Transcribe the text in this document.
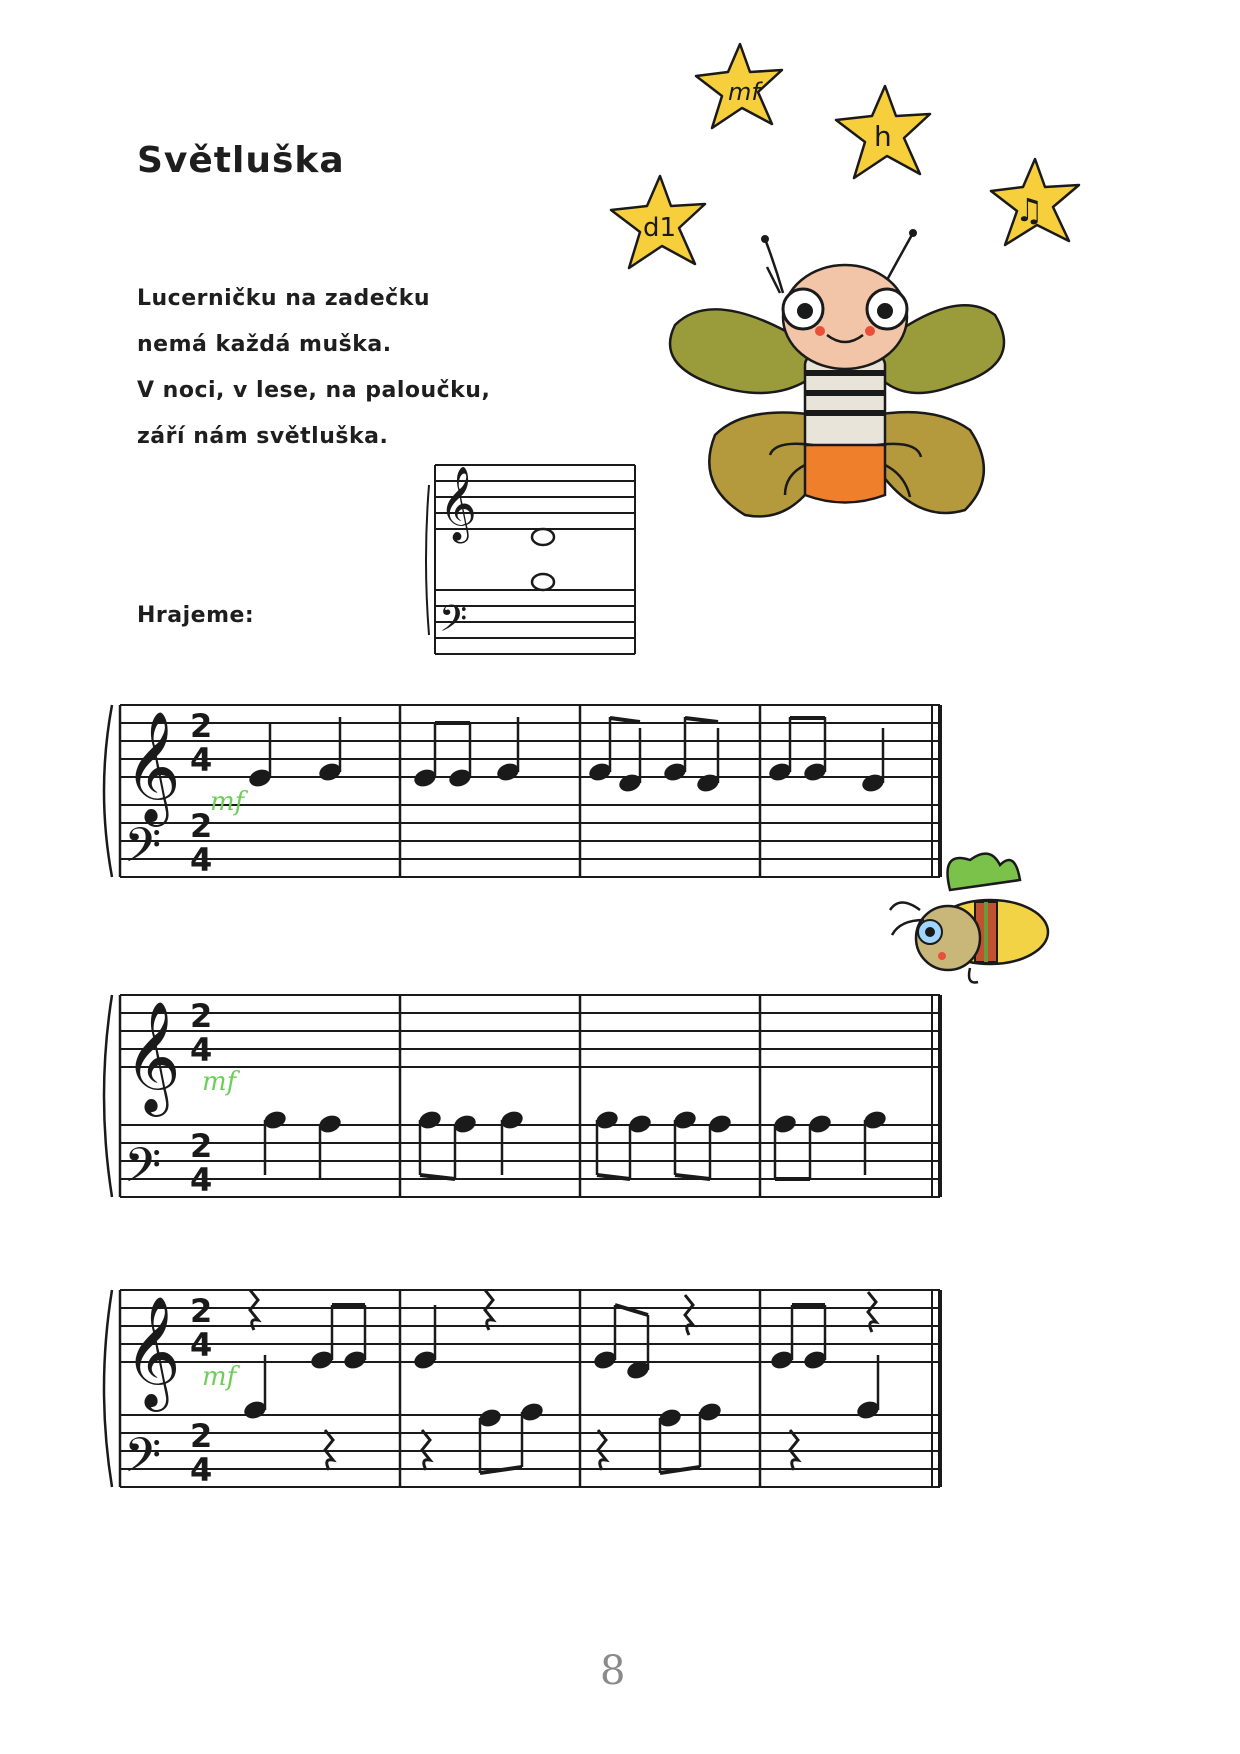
Světluška
Lucerničku na zadečku
nemá každá muška.
V noci, v lese, na paloučku,
září nám světluška.
Hrajeme:
mf
h
d1	♫
𝄞
𝄢
𝄞
𝄢
2
4
2
4
mf
𝄞
𝄢
2
4
2
4
mf
𝄞
𝄢
2
4
2
4
mf
8
